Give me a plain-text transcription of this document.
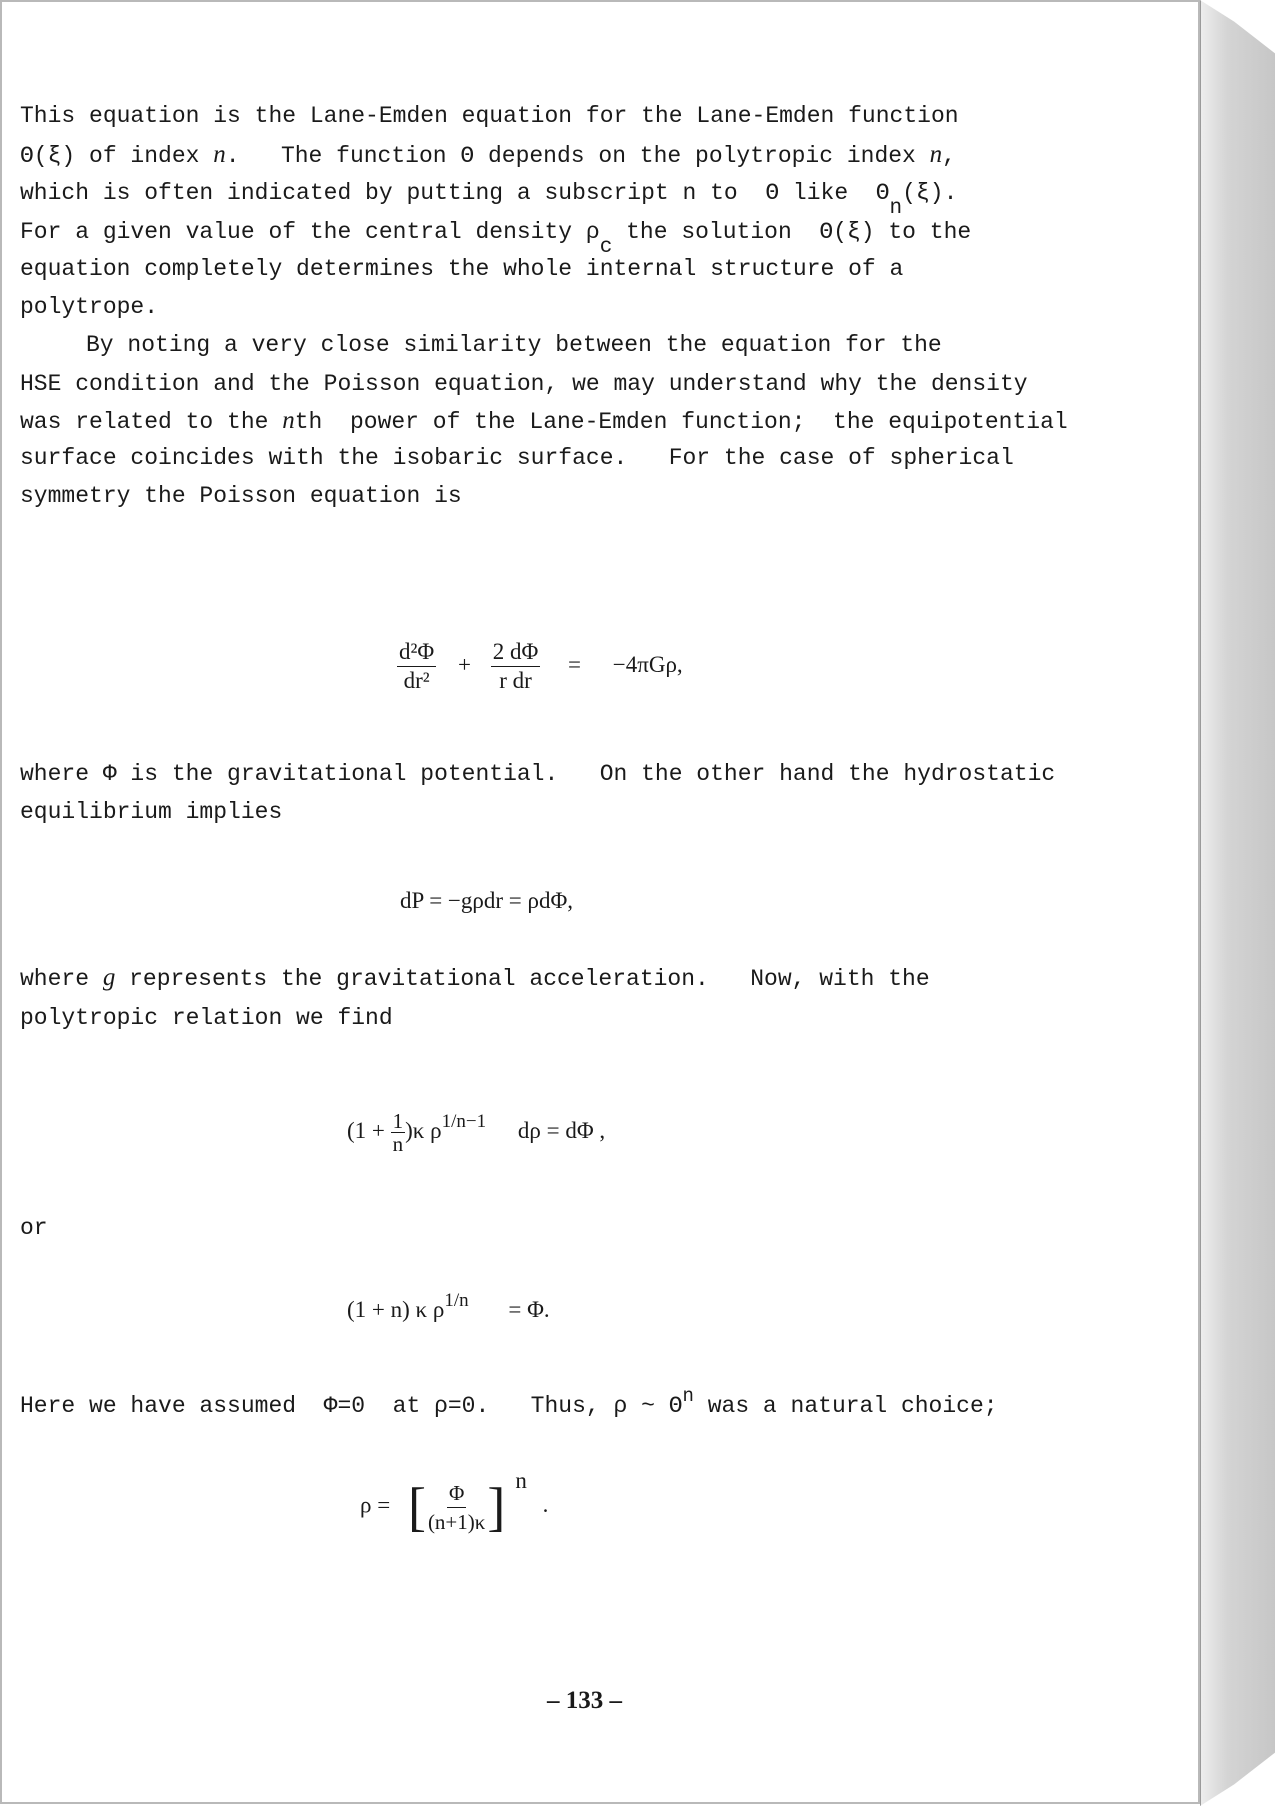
This equation is the Lane-Emden equation for the Lane-Emden function

Θ(ξ) of index n.   The function Θ depends on the polytropic index n,

which is often indicated by putting a subscript n to  Θ like  Θn(ξ).

For a given value of the central density ρc the solution  Θ(ξ) to the

equation completely determines the whole internal structure of a

polytrope.

By noting a very close similarity between the equation for the

HSE condition and the Poisson equation, we may understand why the density

was related to the nth  power of the Lane-Emden function;  the equipotential

surface coincides with the isobaric surface.   For the case of spherical

symmetry the Poisson equation is

$\frac{\text{d²Φ}}{\text{dr²}} + \frac{2 d\Phi}{\text{r dr}} = -4\pi G\rho$,

where Φ is the gravitational potential.   On the other hand the hydrostatic

equilibrium implies

dP = −gρdr = ρdΦ,

where g represents the gravitational acceleration.   Now, with the

polytropic relation we find

$(1 + \frac{1}{n} )\kappa$ $\rho^{1/n-1}$ dρ = dΦ ,

or

(1 + n) κ $\rho^{1/n} = \Phi$.

Here we have assumed  Φ=0  at ρ=0.   Thus, ρ ~ $\Theta^n$ was a natural choice;

ρ = [ $\frac{\Phi}{(n+1)\kappa}$ ] n .
– 133 –
